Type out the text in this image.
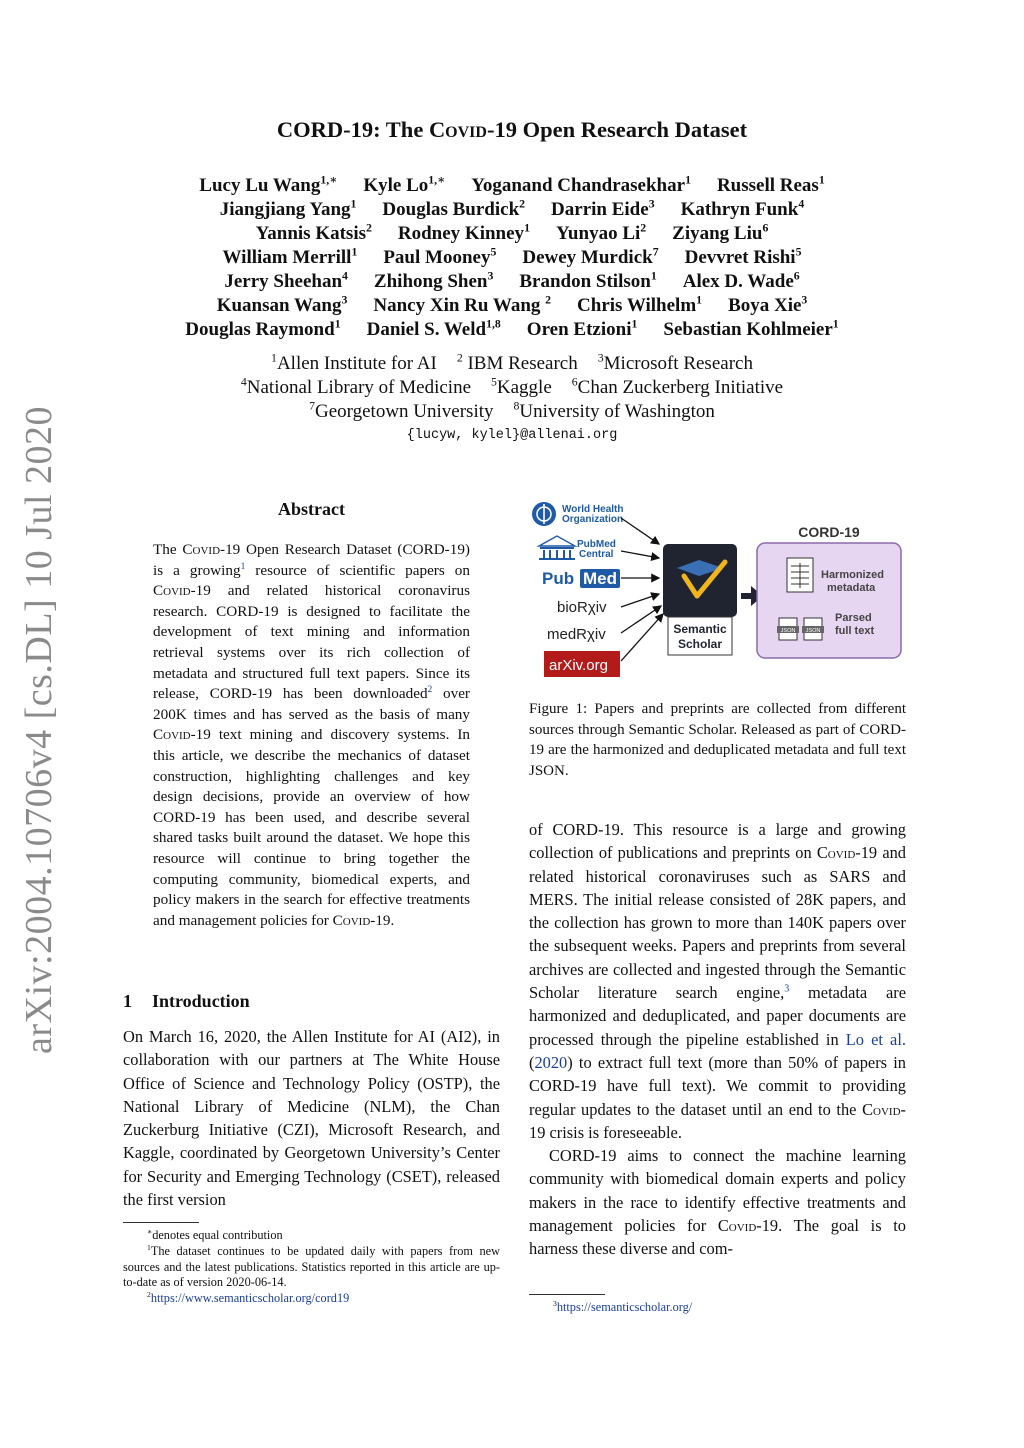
arXiv:2004.10706v4 [cs.DL] 10 Jul 2020
CORD-19: The Covid-19 Open Research Dataset
Lucy Lu Wang$^{1,∗}$ Kyle $Lo^{1,∗}$ Yoganand Chandrasekhar$^1$ Russell Reas$^1$
Jiangjiang Yang$^1$ Douglas Burdick$^2$ Darrin Eide$^3$ Kathryn Funk$^4$
Yannis Katsis$^2$ Rodney Kinney$^1$ Yunyao Li$^2$ Ziyang Liu$^6$
William Merrill$^1$ Paul Mooney$^5$ Dewey Murdick$^7$ Devvret Rishi$^5$
Jerry Sheehan$^4$ Zhihong Shen$^3$ Brandon Stilson$^1$ Alex D. Wade$^6$
Kuansan Wang$^3$ Nancy Xin Ru Wang $^2$ Chris Wilhelm$^1$ Boya Xie$^3$
Douglas Raymond$^1$ Daniel S. Weld$^{1,8}$ Oren Etzioni$^1$ Sebastian Kohlmeier$^1$
$^1$Allen Institute for AI $^2$ IBM Research $^3$Microsoft Research
$^4$National Library of Medicine $^5$Kaggle $^6$Chan Zuckerberg Initiative
$^7$Georgetown University $^8$University of Washington
{lucyw, kylel}@allenai.org
Abstract
The Covid-19 Open Research Dataset (CORD-19) is a growing$^1$ resource of scientific papers on Covid-19 and related historical coronavirus research. CORD-19 is designed to facilitate the development of text mining and information retrieval systems over its rich collection of metadata and structured full text papers. Since its release, CORD-19 has been downloaded$^2$ over 200K times and has served as the basis of many Covid-19 text mining and discovery systems. In this article, we describe the mechanics of dataset construction, highlighting challenges and key design decisions, provide an overview of how CORD-19 has been used, and describe several shared tasks built around the dataset. We hope this resource will continue to bring together the computing community, biomedical experts, and policy makers in the search for effective treatments and management policies for Covid-19.
1 Introduction
On March 16, 2020, the Allen Institute for AI (AI2), in collaboration with our partners at The White House Office of Science and Technology Policy (OSTP), the National Library of Medicine (NLM), the Chan Zuckerburg Initiative (CZI), Microsoft Research, and Kaggle, coordinated by Georgetown University’s Center for Security and Emerging Technology (CSET), released the first version

∗denotes equal contribution

$^1$The dataset continues to be updated daily with papers from new sources and the latest publications. Statistics reported in this article are up-to-date as of version 2020-06-14.

$^2$https://www.semanticscholar.org/cord19

World Health
Organization
PubMed
Central
Pub Med
bioRχiv
medRχiv
arXiv.org
Semantic
Scholar
CORD-19
Harmonized
metadata
JSON JSON
Parsed
full text
Figure 1: Papers and preprints are collected from different sources through Semantic Scholar. Released as part of CORD-19 are the harmonized and deduplicated metadata and full text JSON.

of CORD-19. This resource is a large and growing collection of publications and preprints on Covid-19 and related historical coronaviruses such as SARS and MERS. The initial release consisted of 28K papers, and the collection has grown to more than 140K papers over the subsequent weeks. Papers and preprints from several archives are collected and ingested through the Semantic Scholar literature search engine,$^3$ metadata are harmonized and deduplicated, and paper documents are processed through the pipeline established in Lo et al. (2020) to extract full text (more than 50% of papers in CORD-19 have full text). We commit to providing regular updates to the dataset until an end to the Covid-19 crisis is foreseeable.

CORD-19 aims to connect the machine learning community with biomedical domain experts and policy makers in the race to identify effective treatments and management policies for Covid-19. The goal is to harness these diverse and com-

$^3$https://semanticscholar.org/
